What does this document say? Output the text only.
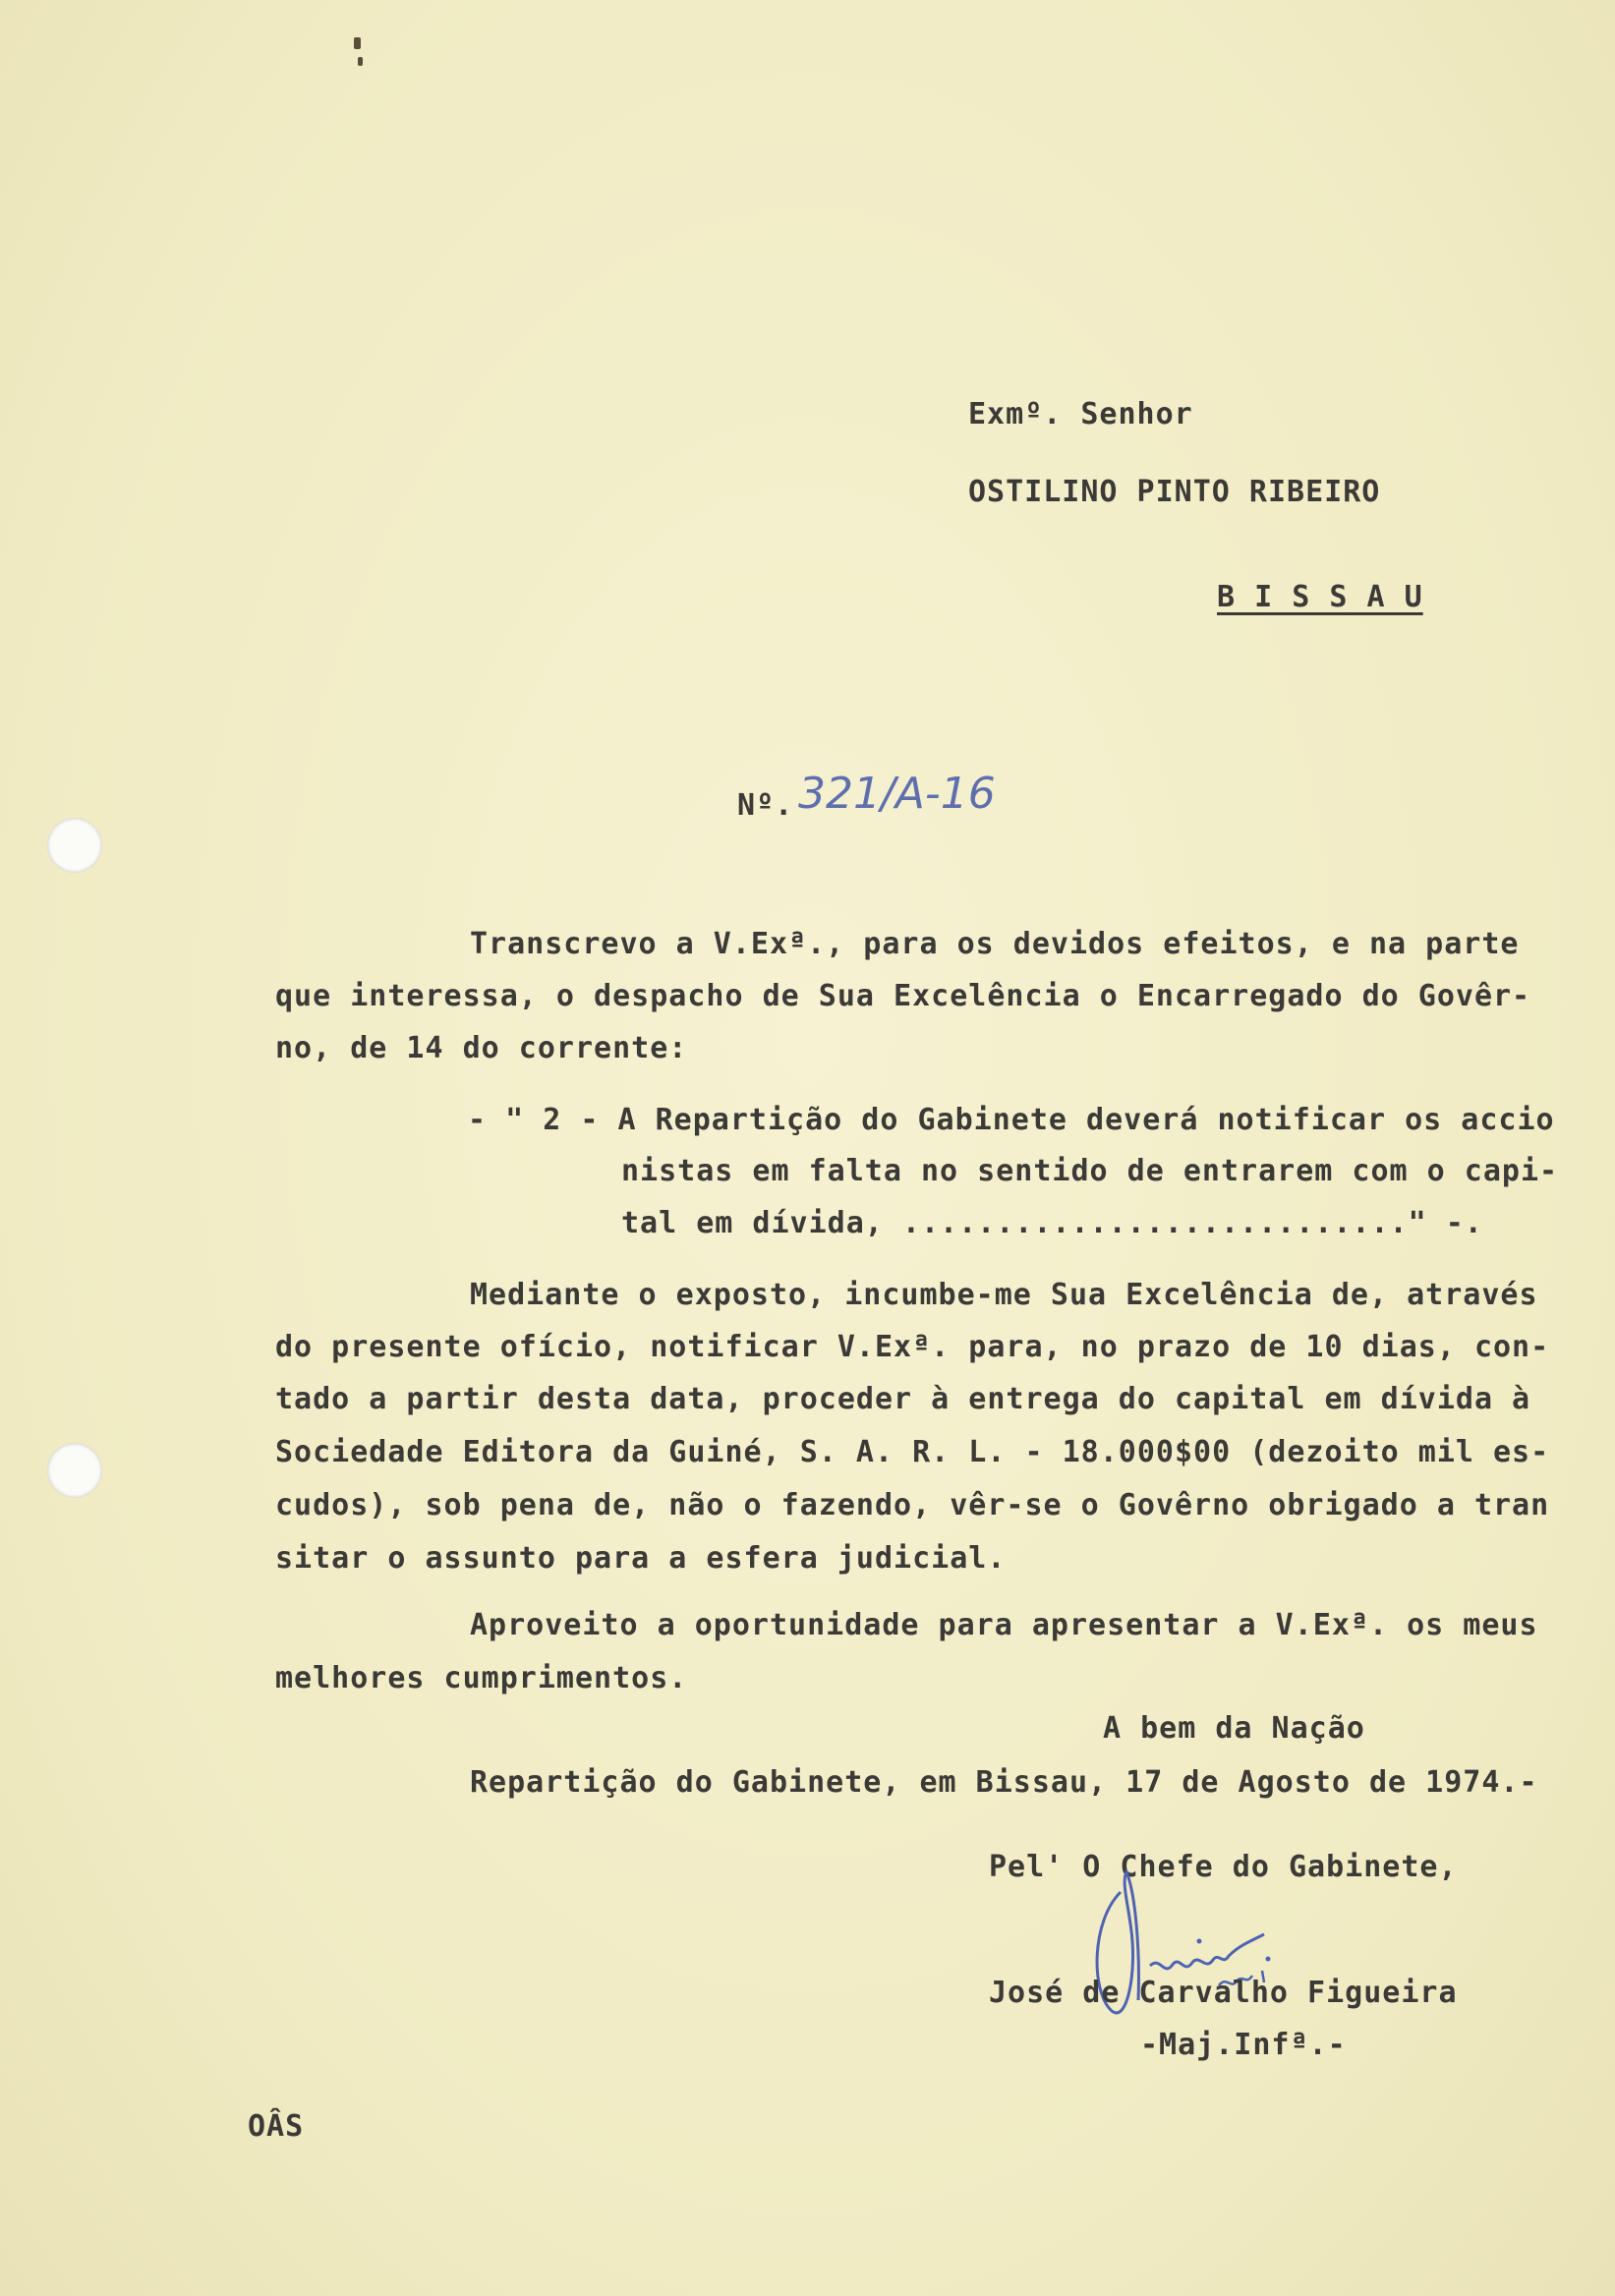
Exmº. Senhor
OSTILINO PINTO RIBEIRO
B I S S A U
Nº. 321/A-16
Transcrevo a V.Exª., para os devidos efeitos, e na parte
que interessa, o despacho de Sua Excelência o Encarregado do Govêr-
no, de 14 do corrente:
- " 2 - A Repartição do Gabinete deverá notificar os accio
nistas em falta no sentido de entrarem com o capi-
tal em dívida, ..........................." -.
Mediante o exposto, incumbe-me Sua Excelência de, através
do presente ofício, notificar V.Exª. para, no prazo de 10 dias, con-
tado a partir desta data, proceder à entrega do capital em dívida à
Sociedade Editora da Guiné, S. A. R. L. - 18.000$00 (dezoito mil es-
cudos), sob pena de, não o fazendo, vêr-se o Govêrno obrigado a tran
sitar o assunto para a esfera judicial.
Aproveito a oportunidade para apresentar a V.Exª. os meus
melhores cumprimentos.
A bem da Nação
Repartição do Gabinete, em Bissau, 17 de Agosto de 1974.-
Pel' O Chefe do Gabinete,
José de Carvalho Figueira
-Maj.Infª.-
OÂS
